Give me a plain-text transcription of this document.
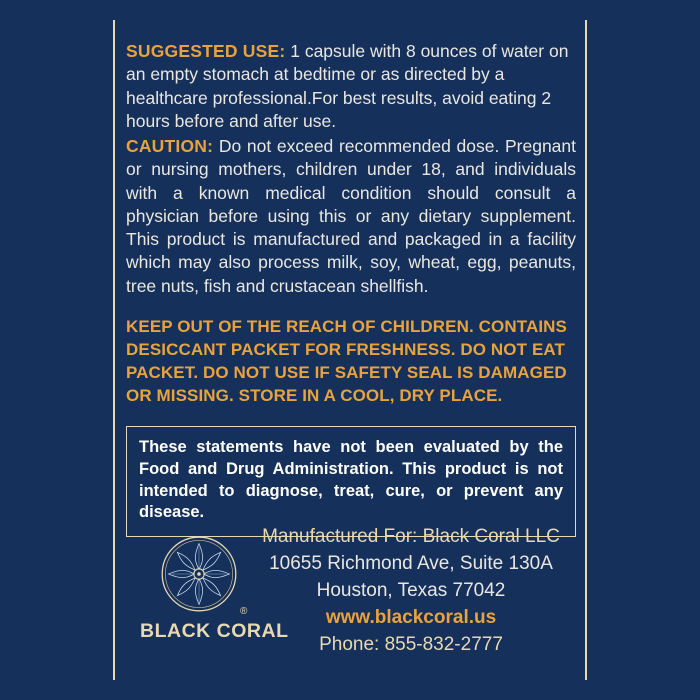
SUGGESTED USE: 1 capsule with 8 ounces of water on an empty stomach at bedtime or as directed by a healthcare professional.For best results, avoid eating 2 hours before and after use.

CAUTION: Do not exceed recommended dose. Pregnant or nursing mothers, children under 18, and individuals with a known medical condition should consult a physician before using this or any dietary supplement. This product is manufactured and packaged in a facility which may also process milk, soy, wheat, egg, peanuts, tree nuts, fish and crustacean shellfish.

KEEP OUT OF THE REACH OF CHILDREN. CONTAINS DESICCANT PACKET FOR FRESHNESS. DO NOT EAT PACKET. DO NOT USE IF SAFETY SEAL IS DAMAGED OR MISSING. STORE IN A COOL, DRY PLACE.

These statements have not been evaluated by the Food and Drug Administration. This product is not intended to diagnose, treat, cure, or prevent any disease.

BLACK CORAL
®
Manufactured For: Black Coral LLC
10655 Richmond Ave, Suite 130A
Houston, Texas 77042
www.blackcoral.us
Phone: 855-832-2777
